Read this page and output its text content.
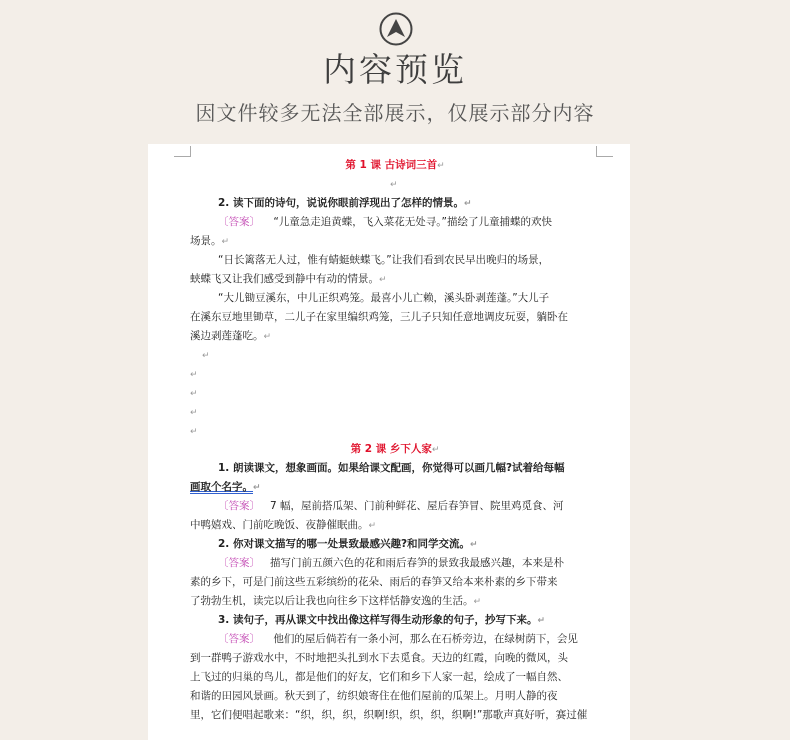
内容预览
因文件较多无法全部展示，仅展示部分内容
第 1 课 古诗词三首↵
↵
2. 读下面的诗句，说说你眼前浮现出了怎样的情景。↵
〔答案〕 “儿童急走追黄蝶，飞入菜花无处寻。”描绘了儿童捕蝶的欢快
场景。↵
“日长篱落无人过，惟有蜻蜓蛱蝶飞。”让我们看到农民早出晚归的场景，
蛱蝶飞又让我们感受到静中有动的情景。↵
“大儿锄豆溪东，中儿正织鸡笼。最喜小儿亡赖，溪头卧剥莲蓬。”大儿子
在溪东豆地里锄草，二儿子在家里编织鸡笼，三儿子只知任意地调皮玩耍，躺卧在
溪边剥莲蓬吃。↵
↵
↵
↵
↵
↵
第 2 课 乡下人家↵
1. 朗读课文，想象画面。如果给课文配画，你觉得可以画几幅?试着给每幅
画取个名字。↵
〔答案〕 7 幅，屋前搭瓜架、门前种鲜花、屋后春笋冒、院里鸡觅食、河
中鸭嬉戏、门前吃晚饭、夜静催眠曲。↵
2. 你对课文描写的哪一处景致最感兴趣?和同学交流。↵
〔答案〕 描写门前五颜六色的花和雨后春笋的景致我最感兴趣，本来是朴
素的乡下，可是门前这些五彩缤纷的花朵、雨后的春笋又给本来朴素的乡下带来
了勃勃生机，读完以后让我也向往乡下这样恬静安逸的生活。↵
3. 读句子，再从课文中找出像这样写得生动形象的句子，抄写下来。↵
〔答案〕 他们的屋后倘若有一条小河，那么在石桥旁边，在绿树荫下，会见
到一群鸭子游戏水中，不时地把头扎到水下去觅食。天边的红霞，向晚的微风，头
上飞过的归巢的鸟儿，都是他们的好友，它们和乡下人家一起，绘成了一幅自然、
和谐的田园风景画。秋天到了，纺织娘寄住在他们屋前的瓜架上。月明人静的夜
里，它们便唱起歌来：“织，织，织，织啊!织，织，织，织啊!”那歌声真好听，赛过催
